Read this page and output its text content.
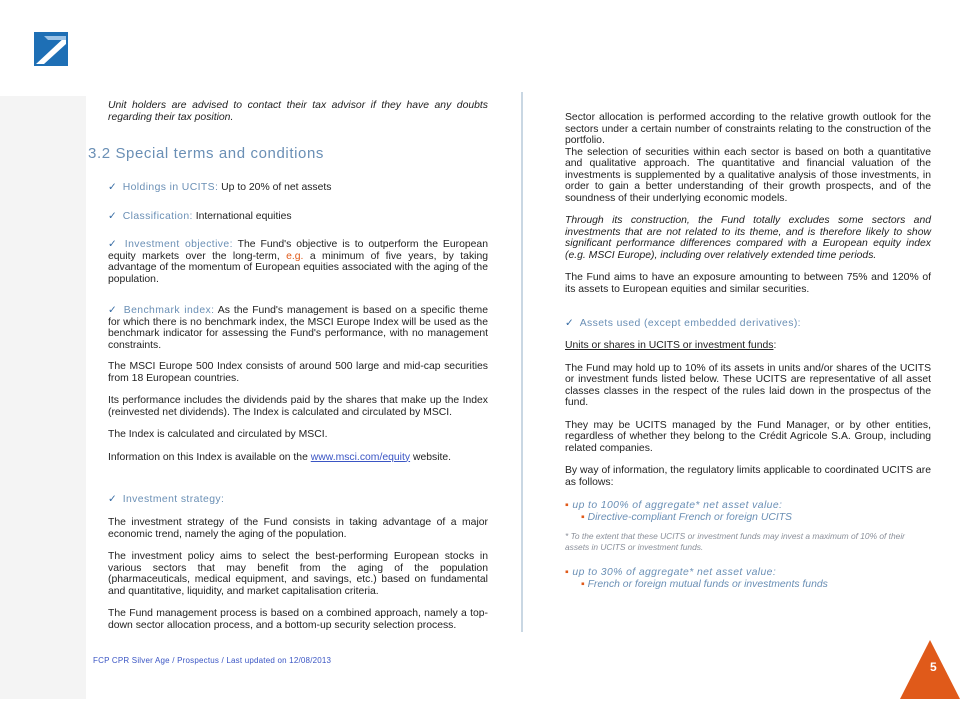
Unit holders are advised to contact their tax advisor if they have any doubts regarding their tax position.

3.2 Special terms and conditions
✓ Holdings in UCITS: Up to 20% of net assets
✓ Classification: International equities
✓ Investment objective: The Fund's objective is to outperform the European equity markets over the long-term, e.g. a minimum of five years, by taking advantage of the momentum of European equities associated with the aging of the population.
✓ Benchmark index: As the Fund's management is based on a specific theme for which there is no benchmark index, the MSCI Europe Index will be used as the benchmark indicator for assessing the Fund's performance, with no management constraints.

The MSCI Europe 500 Index consists of around 500 large and mid-cap securities from 18 European countries.

Its performance includes the dividends paid by the shares that make up the Index (reinvested net dividends). The Index is calculated and circulated by MSCI.

The Index is calculated and circulated by MSCI.

Information on this Index is available on the www.msci.com/equity website.

✓ Investment strategy:

The investment strategy of the Fund consists in taking advantage of a major economic trend, namely the aging of the population.

The investment policy aims to select the best-performing European stocks in various sectors that may benefit from the aging of the population (pharmaceuticals, medical equipment, and savings, etc.) based on fundamental and quantitative, liquidity, and market capitalisation criteria.

The Fund management process is based on a combined approach, namely a top-down sector allocation process, and a bottom-up security selection process.

Sector allocation is performed according to the relative growth outlook for the sectors under a certain number of constraints relating to the construction of the portfolio.

The selection of securities within each sector is based on both a quantitative and qualitative approach. The quantitative and financial valuation of the investments is supplemented by a qualitative analysis of those investments, in order to gain a better understanding of their growth prospects, and of the soundness of their underlying economic models.

Through its construction, the Fund totally excludes some sectors and investments that are not related to its theme, and is therefore likely to show significant performance differences compared with a European equity index (e.g. MSCI Europe), including over relatively extended time periods.

The Fund aims to have an exposure amounting to between 75% and 120% of its assets to European equities and similar securities.

✓ Assets used (except embedded derivatives):

Units or shares in UCITS or investment funds:

The Fund may hold up to 10% of its assets in units and/or shares of the UCITS or investment funds listed below. These UCITS are representative of all asset classes classes in the respect of the rules laid down in the prospectus of the fund.

They may be UCITS managed by the Fund Manager, or by other entities, regardless of whether they belong to the Crédit Agricole S.A. Group, including related companies.

By way of information, the regulatory limits applicable to coordinated UCITS are as follows:

▪ up to 100% of aggregate* net asset value:
▪ Directive-compliant French or foreign UCITS
* To the extent that these UCITS or investment funds may invest a maximum of 10% of their assets in UCITS or investment funds.
▪ up to 30% of aggregate* net asset value:
▪ French or foreign mutual funds or investments funds
FCP CPR Silver Age / Prospectus / Last updated on 12/08/2013	5
